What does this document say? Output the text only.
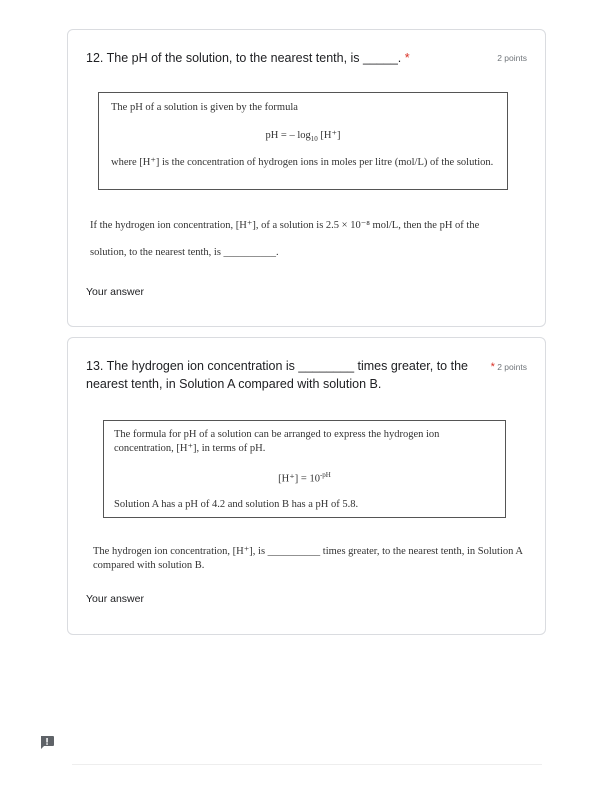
12. The pH of the solution, to the nearest tenth, is _____. *	2 points
The pH of a solution is given by the formula
pH = – $\log_{10} [H^+]$
where [H⁺] is the concentration of hydrogen ions in moles per litre (mol/L) of the solution.
If the hydrogen ion concentration, [H⁺], of a solution is 2.5 × 10⁻⁸ mol/L, then the pH of the
solution, to the nearest tenth, is __________.
Your answer
13. The hydrogen ion concentration is ________ times greater, to the nearest tenth, in Solution A compared with solution B.
* 2 points
The formula for pH of a solution can be arranged to express the hydrogen ion concentration, [H⁺], in terms of pH.
$[H^+] = 10^{-pH}$
Solution A has a pH of 4.2 and solution B has a pH of 5.8.
The hydrogen ion concentration, [H⁺], is __________ times greater, to the nearest tenth, in Solution A compared with solution B.
Your answer
